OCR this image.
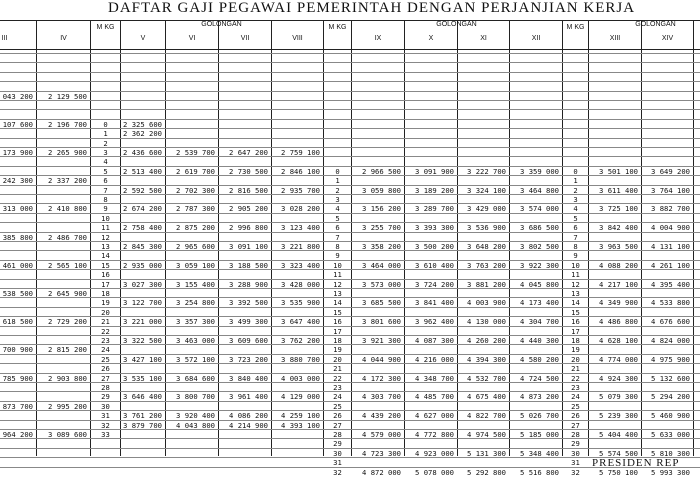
DAFTAR GAJI PEGAWAI PEMERINTAH DENGAN PERJANJIAN KERJA
III
043 200
107 600
173 900
242 300
313 000
385 800
461 000
538 500
618 500
700 900
785 900
873 700
964 200
IV
2 129 500
2 196 700
2 265 900
2 337 200
2 410 800
2 486 700
2 565 100
2 645 900
2 729 200
2 815 200
2 903 800
2 995 200
3 089 600
M KG
0
1
2
3
4
5
6
7
8
9
10
11
12
13
14
15
16
17
18
19
20
21
22
23
24
25
26
27
28
29
30
31
32
33
V
2 325 600
2 362 200
2 436 600
2 513 400
2 592 500
2 674 200
2 758 400
2 845 300
2 935 000
3 027 300
3 122 700
3 221 000
3 322 500
3 427 100
3 535 100
3 646 400
3 761 200
3 879 700
VI
2 539 700
2 619 700
2 702 300
2 787 300
2 875 200
2 965 600
3 059 100
3 155 400
3 254 800
3 357 300
3 463 000
3 572 100
3 684 600
3 800 700
3 920 400
4 043 800
VII
2 647 200
2 730 500
2 816 500
2 905 200
2 996 800
3 091 100
3 188 500
3 288 900
3 392 500
3 499 300
3 609 600
3 723 200
3 840 400
3 961 400
4 086 200
4 214 900
VIII
2 759 100
2 846 100
2 935 700
3 028 200
3 123 400
3 221 800
3 323 400
3 428 000
3 535 900
3 647 400
3 762 200
3 880 700
4 003 000
4 129 000
4 259 100
4 393 100
M KG
0
1
2
3
4
5
6
7
8
9
10
11
12
13
14
15
16
17
18
19
20
21
22
23
24
25
26
27
28
29
30
31
32
IX
2 966 500
3 059 800
3 156 200
3 255 700
3 358 200
3 464 000
3 573 000
3 685 500
3 801 600
3 921 300
4 044 900
4 172 300
4 303 700
4 439 200
4 579 000
4 723 300
4 872 000
X
3 091 900
3 189 200
3 289 700
3 393 300
3 500 200
3 610 400
3 724 200
3 841 400
3 962 400
4 087 300
4 216 000
4 348 700
4 485 700
4 627 000
4 772 800
4 923 000
5 078 000
XI
3 222 700
3 324 100
3 429 000
3 536 900
3 648 200
3 763 200
3 881 200
4 003 900
4 130 000
4 260 200
4 394 300
4 532 700
4 675 400
4 822 700
4 974 500
5 131 300
5 292 800
XII
3 359 000
3 464 800
3 574 000
3 686 500
3 802 500
3 922 300
4 045 800
4 173 400
4 304 700
4 440 300
4 580 200
4 724 500
4 873 200
5 026 700
5 185 000
5 348 400
5 516 800
M KG
0
1
2
3
4
5
6
7
8
9
10
11
12
13
14
15
16
17
18
19
20
21
22
23
24
25
26
27
28
29
30
31
32
XIII
3 501 100
3 611 400
3 725 100
3 842 400
3 963 500
4 088 200
4 217 100
4 349 900
4 486 800
4 628 100
4 774 000
4 924 300
5 079 300
5 239 300
5 404 400
5 574 500
5 750 100
XIV
3 649 200
3 764 100
3 882 700
4 004 900
4 131 100
4 261 100
4 395 400
4 533 800
4 676 600
4 824 000
4 975 900
5 132 600
5 294 200
5 460 900
5 633 000
5 810 300
5 993 300
GOLONGAN	GOLONGAN	GOLONGAN
PRESIDEN REP
